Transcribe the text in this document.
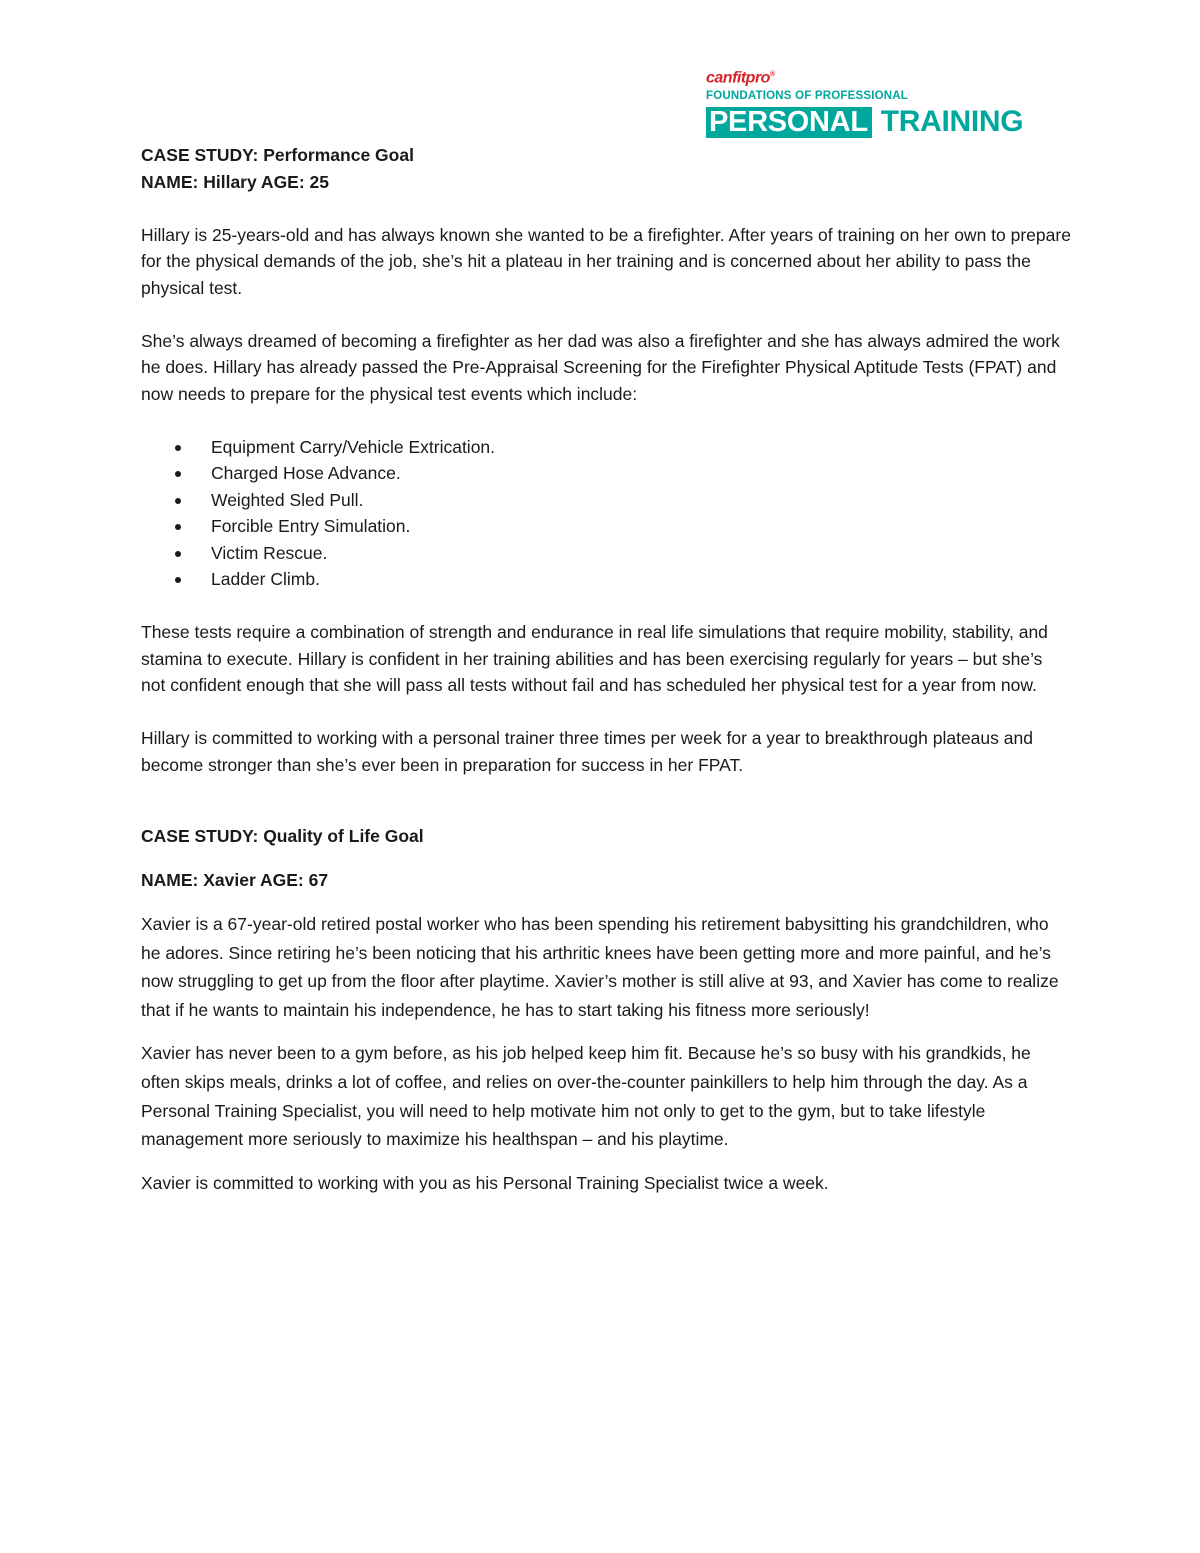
canfitpro®
FOUNDATIONS OF PROFESSIONAL
PERSONAL TRAINING

CASE STUDY: Performance Goal

NAME: Hillary AGE: 25

Hillary is 25-years-old and has always known she wanted to be a firefighter. After years of training on her own to prepare for the physical demands of the job, she’s hit a plateau in her training and is concerned about her ability to pass the physical test.

She’s always dreamed of becoming a firefighter as her dad was also a firefighter and she has always admired the work he does. Hillary has already passed the Pre-Appraisal Screening for the Firefighter Physical Aptitude Tests (FPAT) and now needs to prepare for the physical test events which include:

Equipment Carry/Vehicle Extrication.
Charged Hose Advance.
Weighted Sled Pull.
Forcible Entry Simulation.
Victim Rescue.
Ladder Climb.

These tests require a combination of strength and endurance in real life simulations that require mobility, stability, and stamina to execute. Hillary is confident in her training abilities and has been exercising regularly for years – but she’s not confident enough that she will pass all tests without fail and has scheduled her physical test for a year from now.

Hillary is committed to working with a personal trainer three times per week for a year to breakthrough plateaus and become stronger than she’s ever been in preparation for success in her FPAT.

CASE STUDY: Quality of Life Goal

NAME: Xavier AGE: 67

Xavier is a 67-year-old retired postal worker who has been spending his retirement babysitting his grandchildren, who he adores. Since retiring he’s been noticing that his arthritic knees have been getting more and more painful, and he’s now struggling to get up from the floor after playtime. Xavier’s mother is still alive at 93, and Xavier has come to realize that if he wants to maintain his independence, he has to start taking his fitness more seriously!

Xavier has never been to a gym before, as his job helped keep him fit. Because he’s so busy with his grandkids, he often skips meals, drinks a lot of coffee, and relies on over-the-counter painkillers to help him through the day. As a Personal Training Specialist, you will need to help motivate him not only to get to the gym, but to take lifestyle management more seriously to maximize his healthspan – and his playtime.

Xavier is committed to working with you as his Personal Training Specialist twice a week.
